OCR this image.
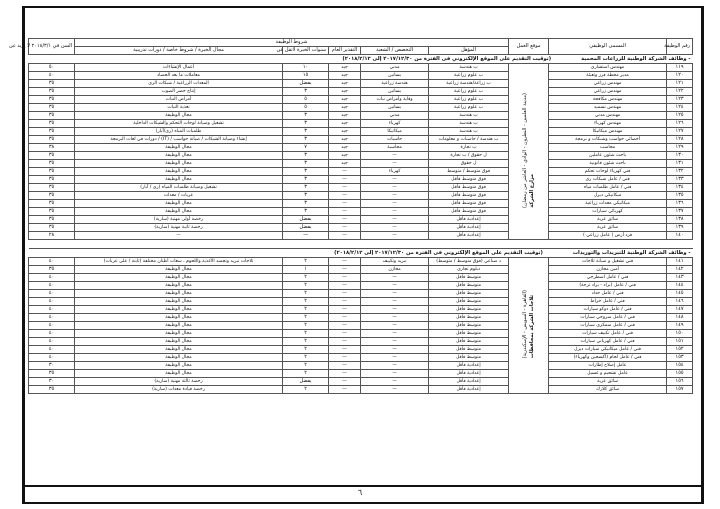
رقم الوظيفة	المسمى الوظيفي	موقع العمل	شروط الوظيفة					السن في ٢٠١٨/٣/١ لا يزيد عن
			المؤهل	التخصص / الشعبة	التقدير العام	سنوات الخبرة لاتقل عن	مجال الخبرة / شروط خاصة / دورات تدريبية	

- وظائف الشركة الوطنية للزراعات المحمية
(توقيت التقديم على الموقع الإلكتروني فى الفترة من ٢٠١٧/١٢/٣٠ إلى ٢٠١٨/٢/١٢)								

١١٩	مهندس استشاري	مزارع الشركة(مدينة العلمين - النطرون - الوادي - العاشر من رمضان)	ب هندسة	مدني	جيد	١٠	أعمال الإنشاءات	٥٠
١٢٠	مدير محطة فرز وتعبئة		ب علوم زراعية	بساتين	جيد	١٥	معاملات ما بعد الحصاد	٤٠
١٢١	مهندس زراعي		ب زراعة/هندسة زراعية	هندسة زراعية	جيد	يفضل	المعدات الزراعية / شبكات الري	٣٥
١٢٢	مهندس زراعي		ب علوم زراعية	بساتين	جيد	٣	إنتاج خضر الصوب	٣٥
١٢٣	مهندس مكافحة		ب علوم زراعية	وقاية وأمراض نبات	جيد	٥	أمراض النبات	٣٥
١٢٤	مهندس تسميد		ب علوم زراعية	بساتين	جيد	٥	تغذية النبات	٣٥
١٢٥	مهندس مدني		ب هندسة	مدني	جيد	٣	مجال الوظيفة	٣٥
١٢٦	مهندس كهرباء		ب هندسة	كهرباء	جيد	٣	تشغيل وصيانة لوحات التحكم والشبكات الداخلية	٣٥
١٢٧	مهندس ميكانيكا		ب هندسة	ميكانيكا	جيد	٣	طلمبات المياه (ري/آبار)	٣٥
١٢٨	أخصائي حواسب وشبكات و برمجة		ب هندسة / حاسبات و معلومات	حاسبات	جيد	٣	إنشاء وصيانة الشبكات / صيانة حواسب / (IT) / دورات في لغات البرمجة	٣٥
١٢٩	محاسب		ب تجارة	محاسبة	جيد	٧	مجال الوظيفة	٣٨
١٣٠	باحث شئون عاملين		ل حقوق / ب تجارة	—	جيد	٣	مجال الوظيفة	٣٥
١٣١	باحث شئون قانونية		ل حقوق	—	جيد	٣	مجال الوظيفة	٣٥
١٣٢	فني كهرباء لوحات تحكم		فوق متوسط / متوسط	كهرباء	—	٣	مجال الوظيفة	٣٥
١٣٣	فني / عامل شبكات ري		فوق متوسط فأقل	—	—	٣	مجال الوظيفة	٣٥
١٣٤	فني / عامل طلمبات مياه		فوق متوسط فأقل	—	—	٣	تشغيل وصيانة طلمبات المياه (ري / آبار)	٣٥
١٣٥	ميكانيكي ديزل		فوق متوسط فأقل	—	—	٣	عربات / معدات	٣٥
١٣٦	ميكانيكي معدات زراعية		فوق متوسط فأقل	—	—	٣	مجال الوظيفة	٣٥
١٣٧	كهربائي سيارات		فوق متوسط فأقل	—	—	٣	مجال الوظيفة	٣٥
١٣٨	سائق عربة		إعدادية فأقل	—	—	يفضل	رخصة أولى مهنية (سارية)	٣٥
١٣٩	سائق عربة		إعدادية فأقل	—	—	يفضل	رخصة ثانية مهنية (سارية)	٣٥
١٤٠	فرد أرض ( عامل زراعي )		إعدادية فأقل	—	—	—	—	٢٨

- وظائف الشركة الوطنية للتبريدات والتوريدات
(توقيت التقديم على الموقع الإلكتروني فى الفترة من ٢٠١٧/١٢/٣٠ إلى ٢٠١٨/٢/١٢)								

١٤١	فني تشغيل و صيانة ثلاجات	ثلاجات الشركة بمحافظات(القاهرة - السويس - الإسكندرية)	د صناعي (فوق متوسط / متوسط)	تبريد وتكييف	—	٢	ثلاجات تبريد وتجميد الأغذية واللحوم ، سعات أطنان مختلفة (ثابتة / على عربات)	٤٠
١٤٢	أمين مخازن		دبلوم تجاري	مخازن	—	١	مجال الوظيفة	٣٥
١٤٣	فني / عامل اسطرجي		متوسط فأقل	—	—	٢	مجال الوظيفة	٤٠
١٤٤	فني / عامل (براد - براد ترجة)		متوسط فأقل	—	—	٢	مجال الوظيفة	٤٠
١٤٥	فني / عامل حداد		متوسط فأقل	—	—	٢	مجال الوظيفة	٤٠
١٤٦	فني / عامل خراط		متوسط فأقل	—	—	٢	مجال الوظيفة	٤٠
١٤٧	فني / عامل دوكو سيارات		متوسط فأقل	—	—	٢	مجال الوظيفة	٤٠
١٤٨	فني / عامل سروجي سيارات		متوسط فأقل	—	—	٢	مجال الوظيفة	٤٠
١٤٩	فني / عامل سمكري سيارات		متوسط فأقل	—	—	٢	مجال الوظيفة	٤٠
١٥٠	فني / عامل تكييف سيارات		متوسط فأقل	—	—	٢	مجال الوظيفة	٤٠
١٥١	فني / عامل كهرباني سيارات		متوسط فأقل	—	—	٢	مجال الوظيفة	٤٠
١٥٢	فني / عامل ميكانيكي سيارات ديزل		متوسط فأقل	—	—	٢	مجال الوظيفة	٤٠
١٥٣	فني / عامل لحام (أكسجين وكهرباء)		متوسط فأقل	—	—	٢	مجال الوظيفة	٤٠
١٥٤	عامل إصلاح إطارات		إعدادية فأقل	—	—	٢	مجال الوظيفة	٣٠
١٥٥	عامل تشحيم و غسيل		إعدادية فأقل	—	—	٢	مجال الوظيفة	٣٥
١٥٦	سائق عربة		إعدادية فأقل	—	—	يفضل	رخصة ثالثة مهنية (سارية)	٣٠
١٥٧	سائق كلارك		إعدادية فأقل	—	—	٢	رخصة قيادة معدات (سارية)	٣٥
٦
